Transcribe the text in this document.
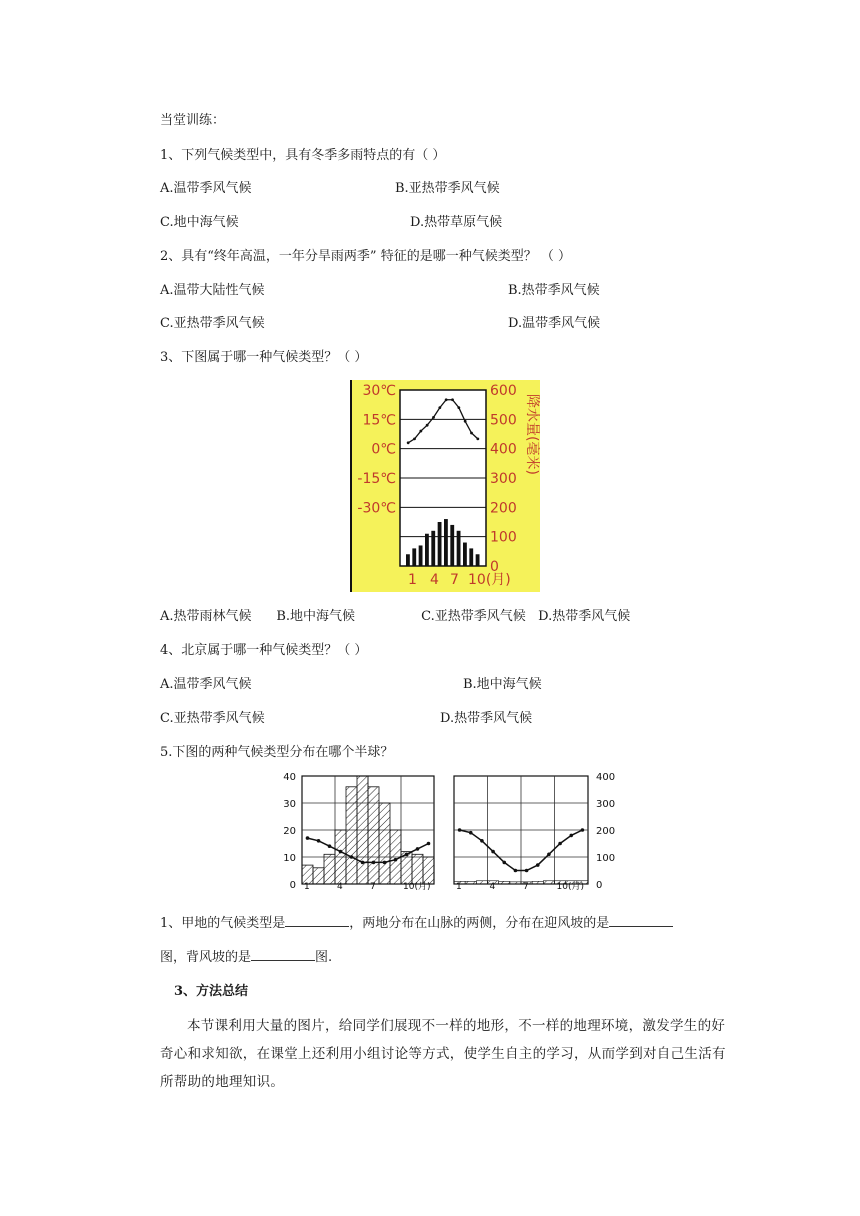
当堂训练：
1、下列气候类型中，具有冬季多雨特点的有（ ）
A.温带季风气候	B.亚热带季风气候
C.地中海气候	D.热带草原气候
2、具有“终年高温，一年分旱雨两季” 特征的是哪一种气候类型？ （ ）
A.温带大陆性气候	B.热带季风气候
C.亚热带季风气候	D.温带季风气候
3、下图属于哪一种气候类型？（ ）
30℃
15℃
0℃
-15℃
-30℃
600
500
400
300
200
100
0
降水量(毫米)
1 4 7 10(月)
A.热带雨林气候      B.地中海气候                C.亚热带季风气候   D.热带季风气候
4、北京属于哪一种气候类型？（ ）
A.温带季风气候	B.地中海气候
C.亚热带季风气候	D.热带季风气候
5.下图的两种气候类型分布在哪个半球？
40
30
20
10
0 1	4	7	10(月)
400
300
200
100
0
1	4	7	10(月)
1、甲地的气候类型是	，两地分布在山脉的两侧，分布在迎风坡的是
图，背风坡的是	图.
3、方法总结
本节课利用大量的图片，给同学们展现不一样的地形，不一样的地理环境，激发学生的好奇心和求知欲，在课堂上还利用小组讨论等方式，使学生自主的学习，从而学到对自己生活有所帮助的地理知识。
